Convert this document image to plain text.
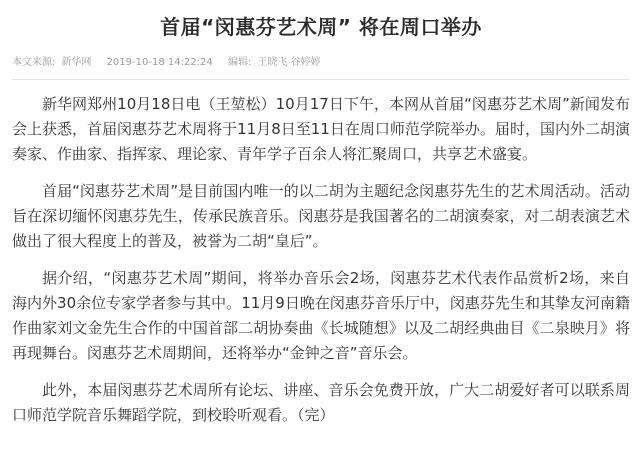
首届“闵惠芬艺术周” 将在周口举办
本文来源: 新华网 2019-10-18 14:22:24 编辑: 王晓飞 谷婷婷

新华网郑州10月18日电（王堃松）10月17日下午，本网从首届“闵惠芬艺术周”新闻发布会上获悉，首届闵惠芬艺术周将于11月8日至11日在周口师范学院举办。届时，国内外二胡演奏家、作曲家、指挥家、理论家、青年学子百余人将汇聚周口，共享艺术盛宴。

首届“闵惠芬艺术周”是目前国内唯一的以二胡为主题纪念闵惠芬先生的艺术周活动。活动旨在深切缅怀闵惠芬先生，传承民族音乐。闵惠芬是我国著名的二胡演奏家，对二胡表演艺术做出了很大程度上的普及，被誉为二胡“皇后”。

据介绍，“闵惠芬艺术周”期间，将举办音乐会2场，闵惠芬艺术代表作品赏析2场，来自海内外30余位专家学者参与其中。11月9日晚在闵惠芬音乐厅中，闵惠芬先生和其挚友河南籍作曲家刘文金先生合作的中国首部二胡协奏曲《长城随想》以及二胡经典曲目《二泉映月》将再现舞台。闵惠芬艺术周期间，还将举办“金钟之音”音乐会。

此外，本届闵惠芬艺术周所有论坛、讲座、音乐会免费开放，广大二胡爱好者可以联系周口师范学院音乐舞蹈学院，到校聆听观看。（完）
